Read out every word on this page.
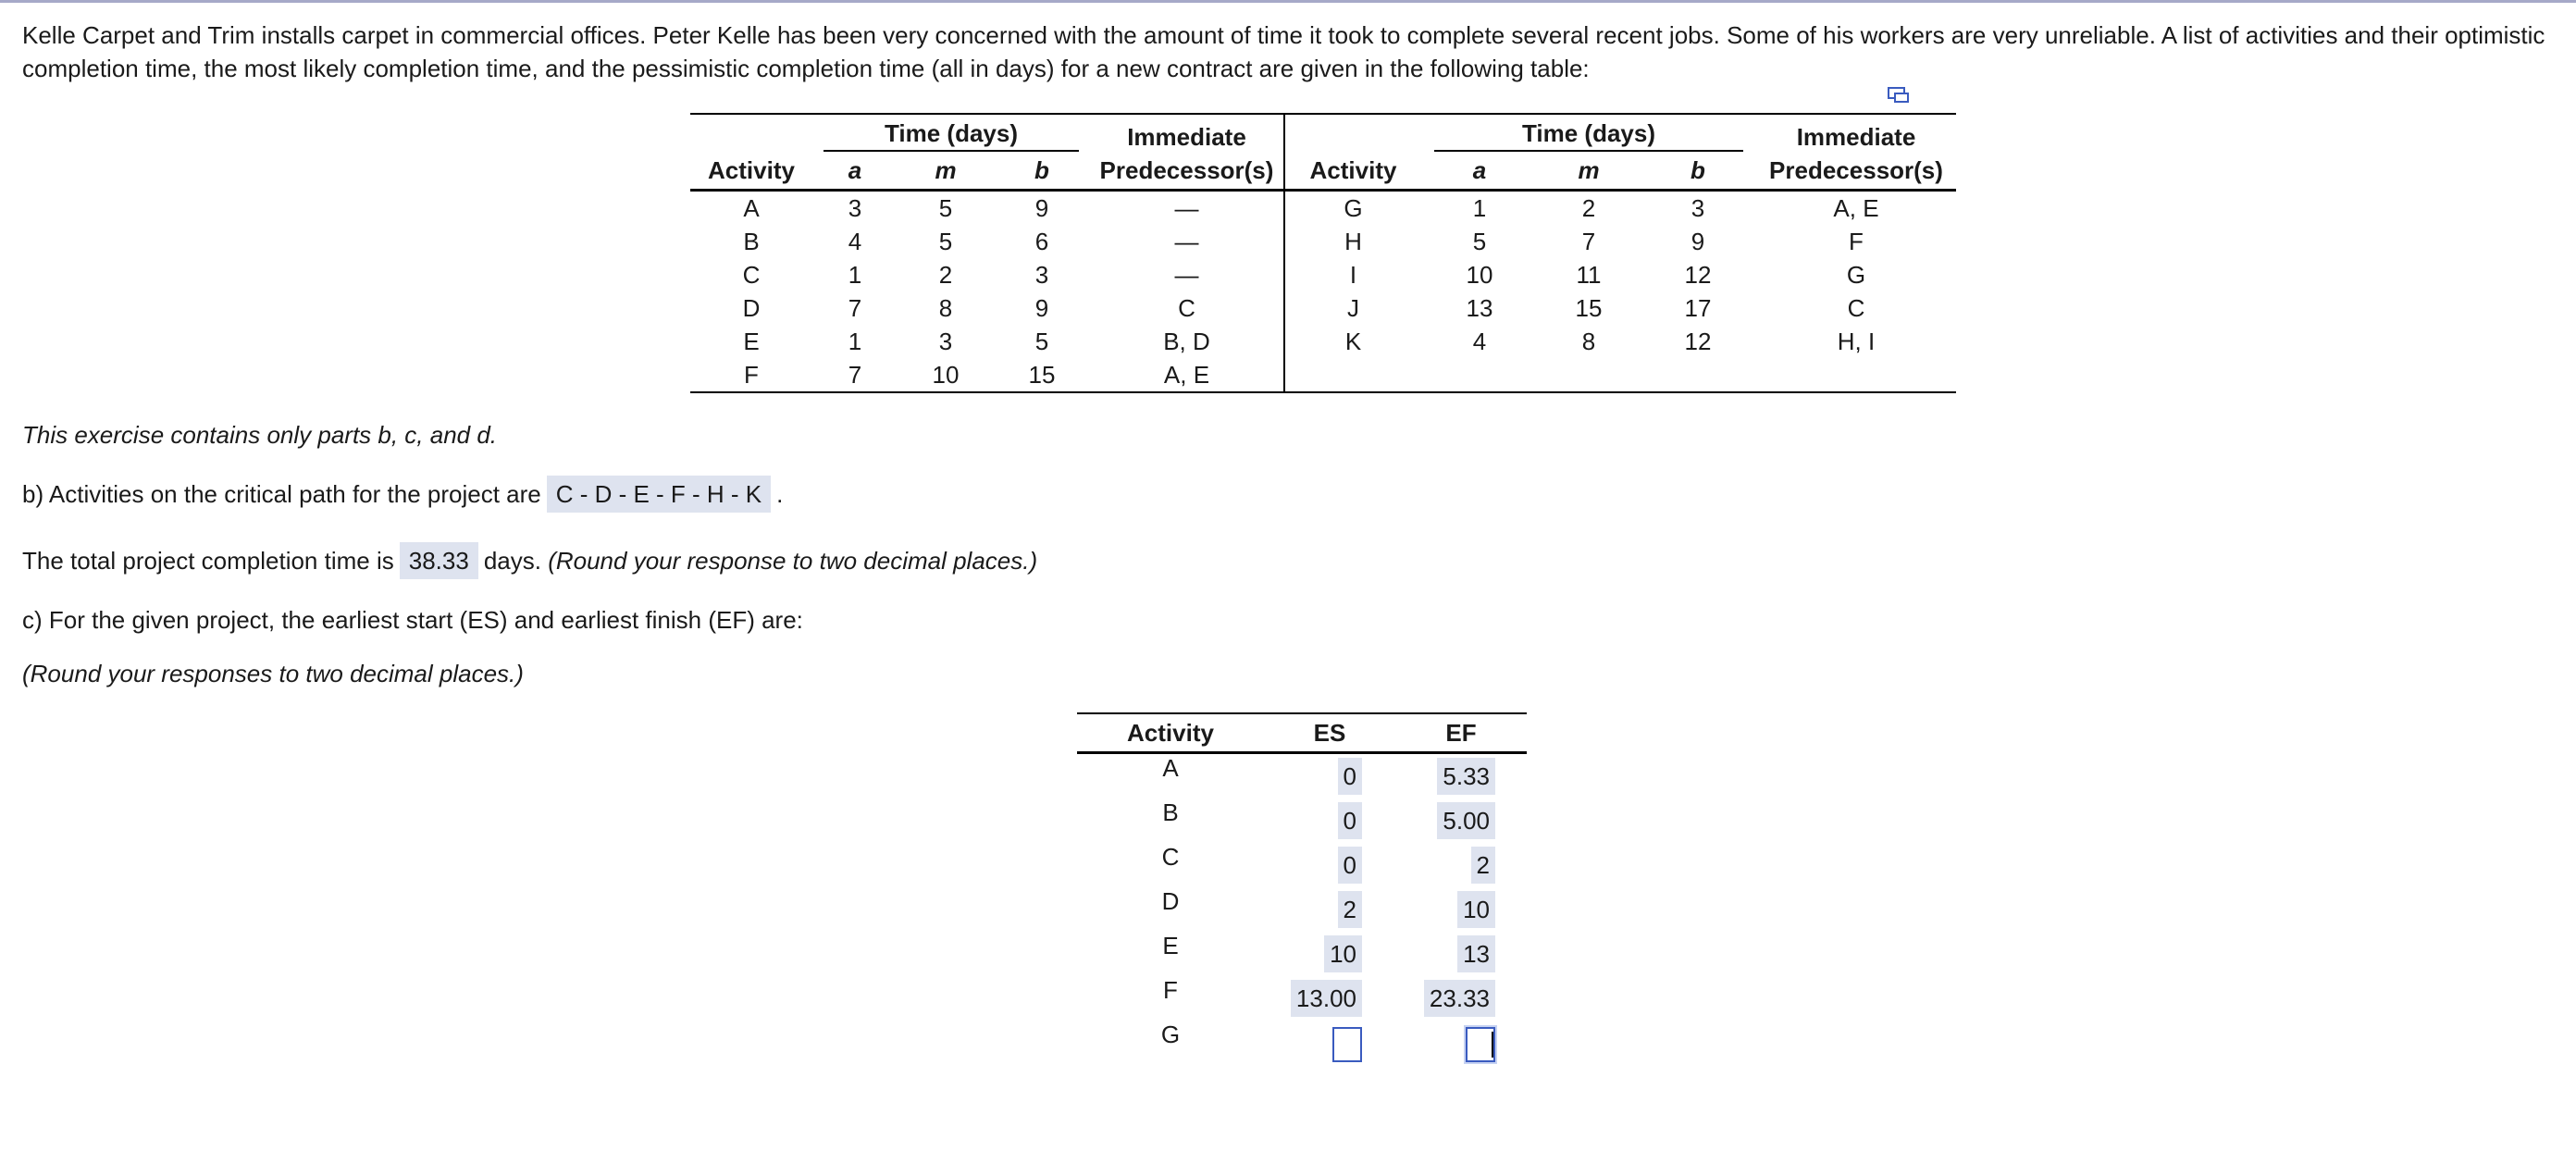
Kelle Carpet and Trim installs carpet in commercial offices. Peter Kelle has been very concerned with the amount of time it took to complete several recent jobs. Some of his workers are very unreliable. A list of activities and their optimistic completion time, the most likely completion time, and the pessimistic completion time (all in days) for a new contract are given in the following table:
	Time (days)			Immediate		Time (days)			Immediate
Activity	a	m	b	Predecessor(s)	Activity	a	m	b	Predecessor(s)
A	3	5	9	—	G	1	2	3	A, E
B	4	5	6	—	H	5	7	9	F
C	1	2	3	—	I	10	11	12	G
D	7	8	9	C	J	13	15	17	C
E	1	3	5	B, D	K	4	8	12	H, I
F	7	10	15	A, E					
This exercise contains only parts b, c, and d.
b) Activities on the critical path for the project are C - D - E - F - H - K .
The total project completion time is 38.33 days. (Round your response to two decimal places.)
c) For the given project, the earliest start (ES) and earliest finish (EF) are:
(Round your responses to two decimal places.)
Activity	ES	EF
A	0	5.33
B	0	5.00
C	0	2
D	2	10
E	10	13
F	13.00	23.33
G		
